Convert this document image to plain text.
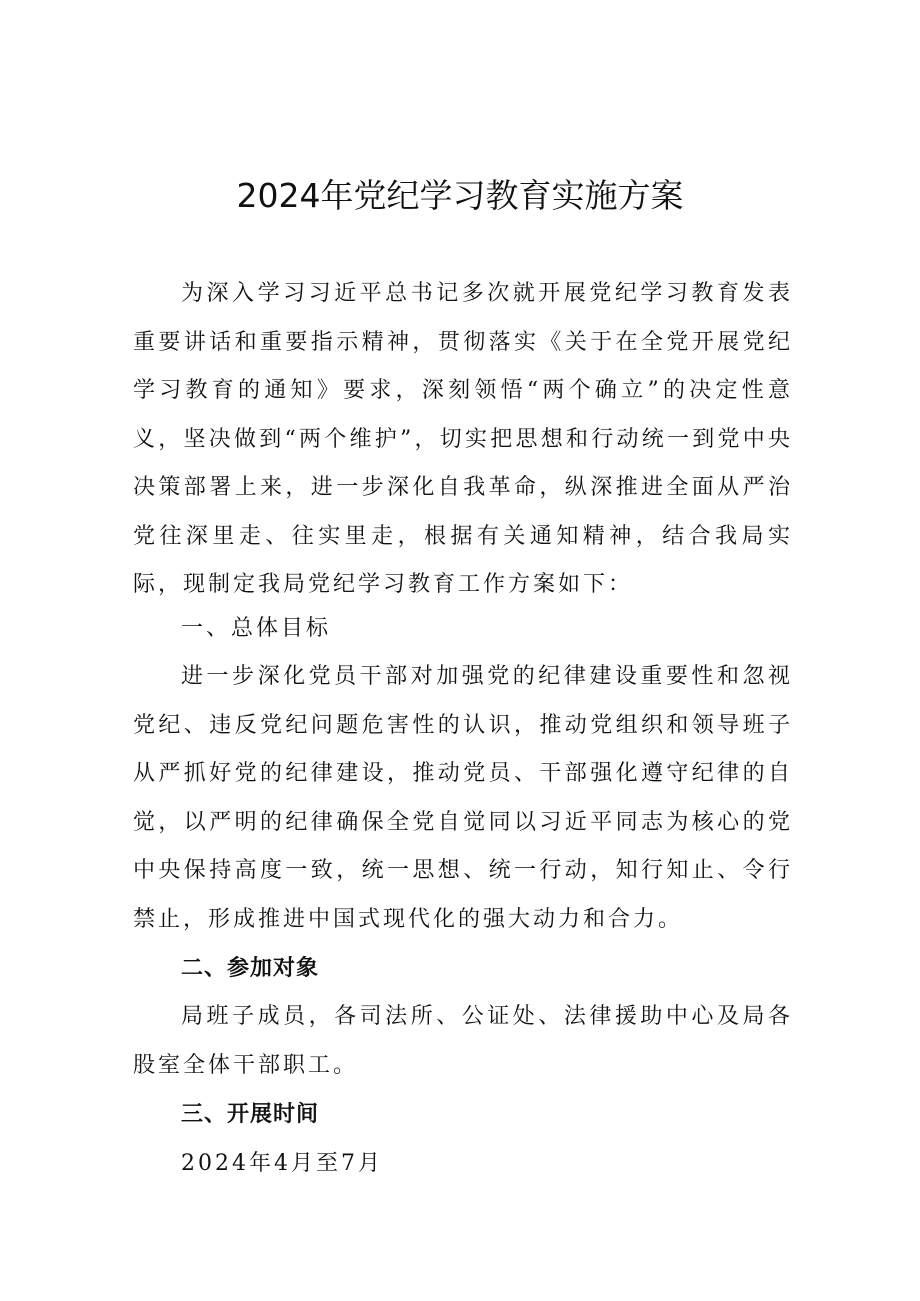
2024年党纪学习教育实施方案

为深入学习习近平总书记多次就开展党纪学习教育发表重要讲话和重要指示精神，贯彻落实《关于在全党开展党纪学习教育的通知》要求，深刻领悟“两个确立”的决定性意义，坚决做到“两个维护”，切实把思想和行动统一到党中央决策部署上来，进一步深化自我革命，纵深推进全面从严治党往深里走、往实里走，根据有关通知精神，结合我局实际，现制定我局党纪学习教育工作方案如下：

一、总体目标

进一步深化党员干部对加强党的纪律建设重要性和忽视党纪、违反党纪问题危害性的认识，推动党组织和领导班子从严抓好党的纪律建设，推动党员、干部强化遵守纪律的自觉，以严明的纪律确保全党自觉同以习近平同志为核心的党中央保持高度一致，统一思想、统一行动，知行知止、令行禁止，形成推进中国式现代化的强大动力和合力。

二、参加对象

局班子成员，各司法所、公证处、法律援助中心及局各股室全体干部职工。

三、开展时间

2024年4月至7月
